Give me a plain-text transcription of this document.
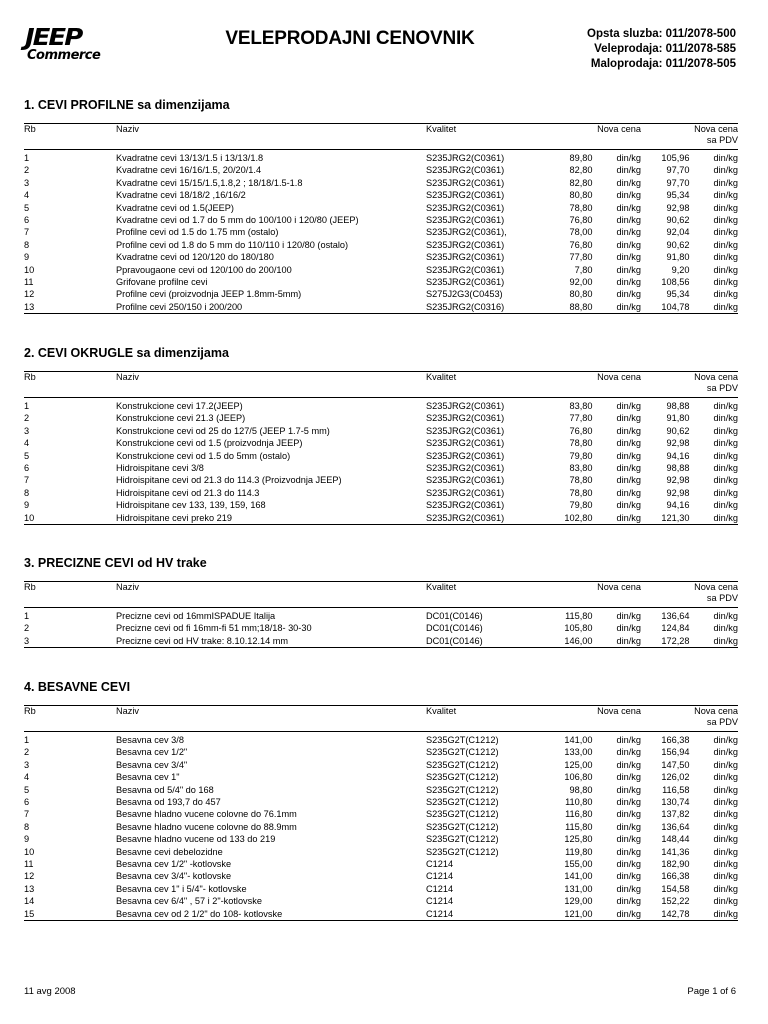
JEEP
Commerce
VELEPRODAJNI CENOVNIK	Opsta sluzba: 011/2078-500
Veleprodaja: 011/2078-585
Maloprodaja: 011/2078-505
1. CEVI PROFILNE sa dimenzijama
Rb	Naziv	Kvalitet	Nova cena		Nova cena
sa PDV	

1	Kvadratne cevi 13/13/1.5 i 13/13/1.8	S235JRG2(C0361)	89,80	din/kg	105,96	din/kg
2	Kvadratne cevi 16/16/1.5, 20/20/1.4	S235JRG2(C0361)	82,80	din/kg	97,70	din/kg
3	Kvadratne cevi 15/15/1.5,1.8,2 ; 18/18/1.5-1.8	S235JRG2(C0361)	82,80	din/kg	97,70	din/kg
4	Kvadratne cevi 18/18/2 ,16/16/2	S235JRG2(C0361)	80,80	din/kg	95,34	din/kg
5	Kvadratne cevi od 1.5(JEEP)	S235JRG2(C0361)	78,80	din/kg	92,98	din/kg
6	Kvadratne cevi od 1.7 do 5 mm do 100/100 i 120/80 (JEEP)	S235JRG2(C0361)	76,80	din/kg	90,62	din/kg
7	Profilne cevi od 1.5 do 1.75 mm (ostalo)	S235JRG2(C0361),	78,00	din/kg	92,04	din/kg
8	Profilne cevi od 1.8 do 5 mm do 110/110 i 120/80 (ostalo)	S235JRG2(C0361)	76,80	din/kg	90,62	din/kg
9	Kvadratne cevi od 120/120 do 180/180	S235JRG2(C0361)	77,80	din/kg	91,80	din/kg
10	Ppravougaone cevi od 120/100 do 200/100	S235JRG2(C0361)	7,80	din/kg	9,20	din/kg
11	Grifovane profilne cevi	S235JRG2(C0361)	92,00	din/kg	108,56	din/kg
12	Profilne cevi (proizvodnja JEEP 1.8mm-5mm)	S275J2G3(C0453)	80,80	din/kg	95,34	din/kg
13	Profilne cevi 250/150 i 200/200	S235JRG2(C0316)	88,80	din/kg	104,78	din/kg
2. CEVI OKRUGLE sa dimenzijama
Rb	Naziv	Kvalitet	Nova cena		Nova cena
sa PDV	

1	Konstrukcione cevi 17.2(JEEP)	S235JRG2(C0361)	83,80	din/kg	98,88	din/kg
2	Konstrukcione cevi 21.3 (JEEP)	S235JRG2(C0361)	77,80	din/kg	91,80	din/kg
3	Konstrukcione cevi od 25 do 127/5 (JEEP 1.7-5 mm)	S235JRG2(C0361)	76,80	din/kg	90,62	din/kg
4	Konstrukcione cevi od 1.5 (proizvodnja JEEP)	S235JRG2(C0361)	78,80	din/kg	92,98	din/kg
5	Konstrukcione cevi od 1.5 do 5mm (ostalo)	S235JRG2(C0361)	79,80	din/kg	94,16	din/kg
6	Hidroispitane cevi 3/8	S235JRG2(C0361)	83,80	din/kg	98,88	din/kg
7	Hidroispitane cevi od 21.3 do 114.3 (Proizvodnja JEEP)	S235JRG2(C0361)	78,80	din/kg	92,98	din/kg
8	Hidroispitane cevi od 21.3 do 114.3	S235JRG2(C0361)	78,80	din/kg	92,98	din/kg
9	Hidroispitane cev 133, 139, 159, 168	S235JRG2(C0361)	79,80	din/kg	94,16	din/kg
10	Hidroispitane cevi preko 219	S235JRG2(C0361)	102,80	din/kg	121,30	din/kg
3. PRECIZNE CEVI od HV trake
Rb	Naziv	Kvalitet	Nova cena		Nova cena
sa PDV	

1	Precizne cevi od 16mmISPADUE Italija	DC01(C0146)	115,80	din/kg	136,64	din/kg
2	Precizne cevi od fi 16mm-fi 51 mm;18/18- 30-30	DC01(C0146)	105,80	din/kg	124,84	din/kg
3	Precizne cevi od HV trake: 8.10.12.14 mm	DC01(C0146)	146,00	din/kg	172,28	din/kg
4. BESAVNE CEVI
Rb	Naziv	Kvalitet	Nova cena		Nova cena
sa PDV	

1	Besavna cev 3/8	S235G2T(C1212)	141,00	din/kg	166,38	din/kg
2	Besavna cev 1/2"	S235G2T(C1212)	133,00	din/kg	156,94	din/kg
3	Besavna cev 3/4"	S235G2T(C1212)	125,00	din/kg	147,50	din/kg
4	Besavna cev 1"	S235G2T(C1212)	106,80	din/kg	126,02	din/kg
5	Besavna od 5/4" do 168	S235G2T(C1212)	98,80	din/kg	116,58	din/kg
6	Besavna od 193,7 do 457	S235G2T(C1212)	110,80	din/kg	130,74	din/kg
7	Besavne hladno vucene colovne do 76.1mm	S235G2T(C1212)	116,80	din/kg	137,82	din/kg
8	Besavne hladno vucene colovne do 88.9mm	S235G2T(C1212)	115,80	din/kg	136,64	din/kg
9	Besavne hladno vucene od 133 do 219	S235G2T(C1212)	125,80	din/kg	148,44	din/kg
10	Besavne cevi debelozidne	S235G2T(C1212)	119,80	din/kg	141,36	din/kg
11	Besavna cev 1/2" -kotlovske	C1214	155,00	din/kg	182,90	din/kg
12	Besavna cev 3/4"- kotlovske	C1214	141,00	din/kg	166,38	din/kg
13	Besavna cev 1" i 5/4"- kotlovske	C1214	131,00	din/kg	154,58	din/kg
14	Besavna cev 6/4" , 57 i 2"-kotlovske	C1214	129,00	din/kg	152,22	din/kg
15	Besavna cev od 2 1/2" do 108- kotlovske	C1214	121,00	din/kg	142,78	din/kg
11 avg 2008	Page 1 of 6
